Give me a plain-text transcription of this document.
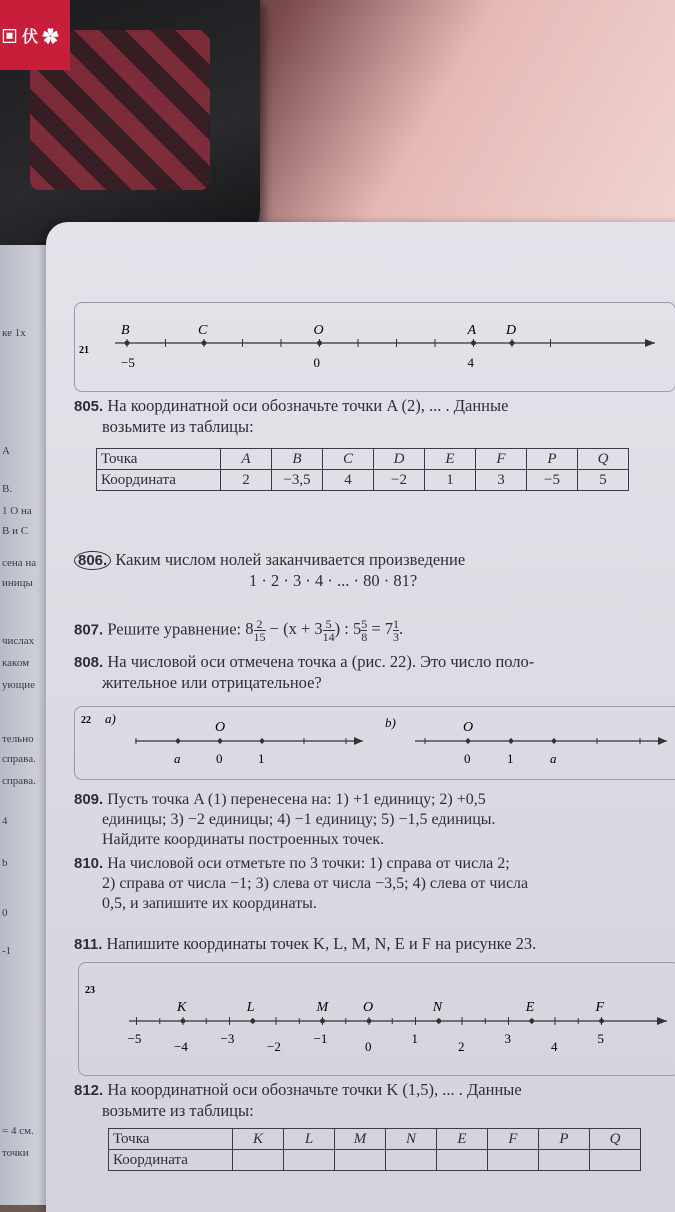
▣ 伏 ✿
ке 1х
А
В.
1 О на
В и С
сена на
иницы
числах
каком
ующие
тельно
справа.
справа.
4
b
0
-1
= 4 см.
точки
21
B
−5
C	O
0
A
4
D
805. На координатной оси обозначьте точки A (2), ... . Данные
возьмите из таблицы:
Точка	A	B	C	D	E	F	P	Q
Координата	2	−3,5	4	−2	1	3	−5	5
806. Каким числом нолей заканчивается произведение
1 · 2 · 3 · 4 · ... · 80 · 81?
807. Решите уравнение: $8 \frac{2}{15} - (x + 3 \frac{5}{14}$ ) : $5 \frac{5}{8} = 7 \frac{1}{3}$ .
808. На числовой оси отмечена точка a (рис. 22). Это число поло-
жительное или отрицательное?
22 a)	b)
O
0	1
a
O
0	1	a
809. Пусть точка A (1) перенесена на: 1) +1 единицу; 2) +0,5
единицы; 3) −2 единицы; 4) −1 единицу; 5) −1,5 единицы.
Найдите координаты построенных точек.
810. На числовой оси отметьте по 3 точки: 1) справа от числа 2;
2) справа от числа −1; 3) слева от числа −3,5; 4) слева от числа
0,5, и запишите их координаты.
811. Напишите координаты точек K, L, M, N, E и F на рисунке 23.
23
−5
−4
−3
−2
−1
0
1
2
3
4
5
K	L	M O	N	E	F
812. На координатной оси обозначьте точки K (1,5), ... . Данные
возьмите из таблицы:
Точка	K	L	M	N	E	F	P	Q
Координата								
